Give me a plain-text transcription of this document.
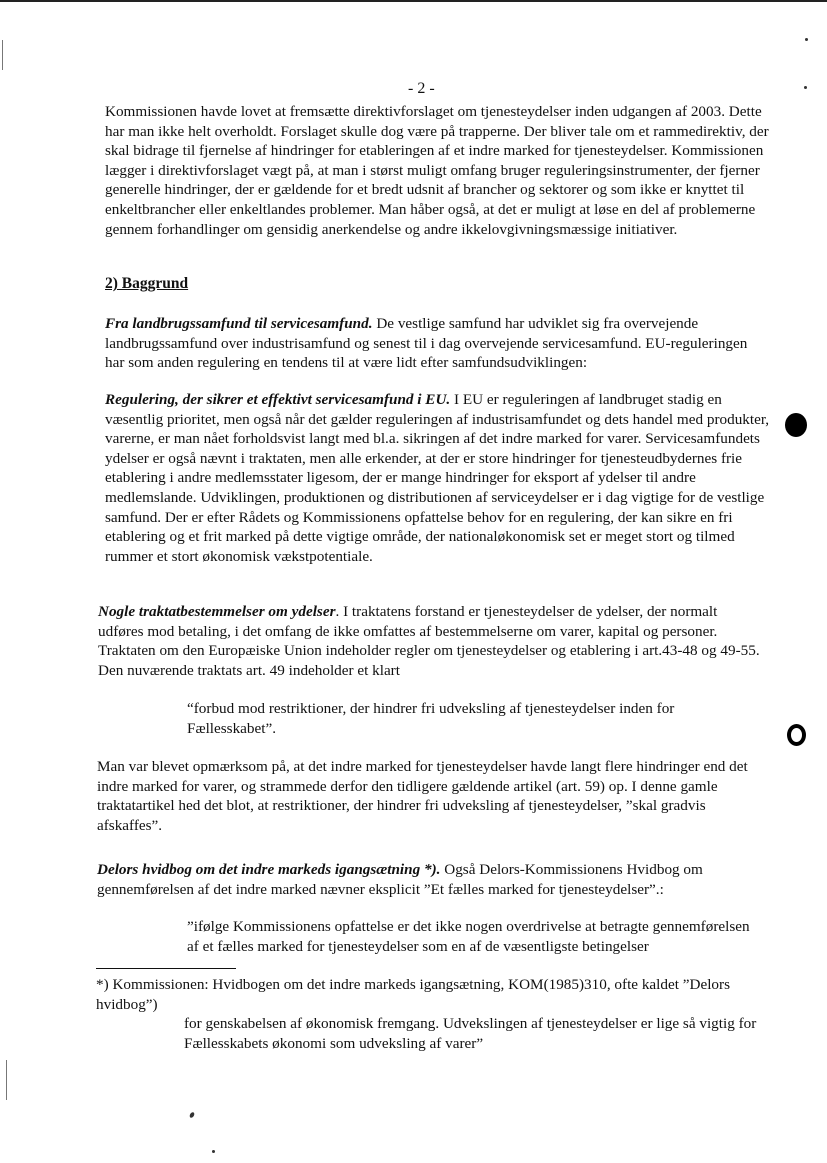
- 2 -

Kommissionen havde lovet at fremsætte direktivforslaget om tjenesteydelser inden udgangen af 2003. Dette har man ikke helt overholdt. Forslaget skulle dog være på trapperne. Der bliver tale om et rammedirektiv, der skal bidrage til fjernelse af hindringer for etableringen af et indre marked for tjenesteydelser. Kommissionen lægger i direktivforslaget vægt på, at man i størst muligt omfang bruger reguleringsinstrumenter, der fjerner generelle hindringer, der er gældende for et bredt udsnit af brancher og sektorer og som ikke er knyttet til enkeltbrancher eller enkeltlandes problemer. Man håber også, at det er muligt at løse en del af problemerne gennem forhandlinger om gensidig anerkendelse og andre ikkelovgivningsmæssige initiativer.

2) Baggrund

Fra landbrugssamfund til servicesamfund. De vestlige samfund har udviklet sig fra overvejende landbrugssamfund over industrisamfund og senest til i dag overvejende servicesamfund. EU-reguleringen har som anden regulering en tendens til at være lidt efter samfundsudviklingen:

Regulering, der sikrer et effektivt servicesamfund i EU. I EU er reguleringen af landbruget stadig en væsentlig prioritet, men også når det gælder reguleringen af industrisamfundet og dets handel med produkter, varerne, er man nået forholdsvist langt med bl.a. sikringen af det indre marked for varer. Servicesamfundets ydelser er også nævnt i traktaten, men alle erkender, at der er store hindringer for tjenesteudbydernes frie etablering i andre medlemsstater ligesom, der er mange hindringer for eksport af ydelser til andre medlemslande. Udviklingen, produktionen og distributionen af serviceydelser er i dag vigtige for de vestlige samfund. Der er efter Rådets og Kommissionens opfattelse behov for en regulering, der kan sikre en fri etablering og et frit marked på dette vigtige område, der nationaløkonomisk set er meget stort og tilmed rummer et stort økonomisk vækstpotentiale.

Nogle traktatbestemmelser om ydelser. I traktatens forstand er tjenesteydelser de ydelser, der normalt udføres mod betaling, i det omfang de ikke omfattes af bestemmelserne om varer, kapital og personer. Traktaten om den Europæiske Union indeholder regler om tjenesteydelser og etablering i art.43-48 og 49-55. Den nuværende traktats art. 49 indeholder et klart

“forbud mod restriktioner, der hindrer fri udveksling af tjenesteydelser inden for Fællesskabet”.

Man var blevet opmærksom på, at det indre marked for tjenesteydelser havde langt flere hindringer end det indre marked for varer, og strammede derfor den tidligere gældende artikel (art. 59) op. I denne gamle traktatartikel hed det blot, at restriktioner, der hindrer fri udveksling af tjenesteydelser, ”skal gradvis afskaffes”.

Delors hvidbog om det indre markeds igangsætning *). Også Delors-Kommissionens Hvidbog om gennemførelsen af det indre marked nævner eksplicit ”Et fælles marked for tjenesteydelser”.:

”ifølge Kommissionens opfattelse er det ikke nogen overdrivelse at betragte gennemførelsen af et fælles marked for tjenesteydelser som en af de væsentligste betingelser

*) Kommissionen: Hvidbogen om det indre markeds igangsætning, KOM(1985)310, ofte kaldet ”Delors hvidbog”)

for genskabelsen af økonomisk fremgang. Udvekslingen af tjenesteydelser er lige så vigtig for Fællesskabets økonomi som udveksling af varer”
